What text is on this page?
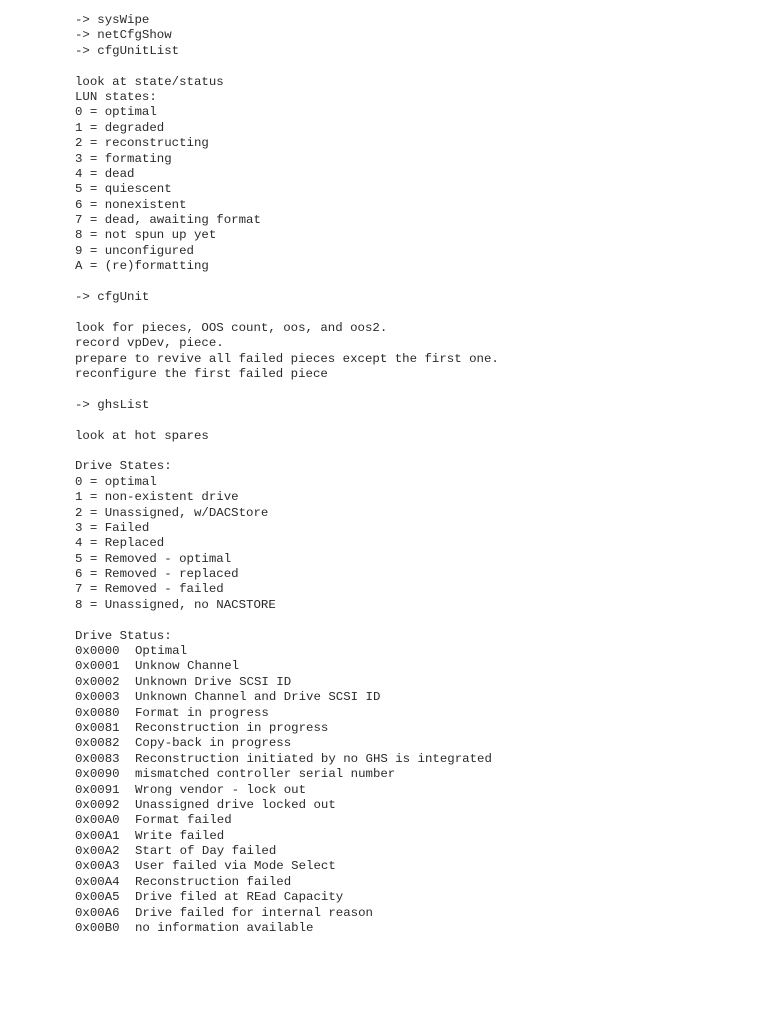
-> sysWipe
-> netCfgShow
-> cfgUnitList
look at state/status
LUN states:
0 = optimal
1 = degraded
2 = reconstructing
3 = formating
4 = dead
5 = quiescent
6 = nonexistent
7 = dead, awaiting format
8 = not spun up yet
9 = unconfigured
A = (re)formatting
-> cfgUnit
look for pieces, OOS count, oos, and oos2.
record vpDev, piece.
prepare to revive all failed pieces except the first one.
reconfigure the first failed piece
-> ghsList
look at hot spares
Drive States:
0 = optimal
1 = non-existent drive
2 = Unassigned, w/DACStore
3 = Failed
4 = Replaced
5 = Removed - optimal
6 = Removed - replaced
7 = Removed - failed
8 = Unassigned, no NACSTORE
Drive Status:
0x0000 Optimal
0x0001 Unknow Channel
0x0002 Unknown Drive SCSI ID
0x0003 Unknown Channel and Drive SCSI ID
0x0080 Format in progress
0x0081 Reconstruction in progress
0x0082 Copy-back in progress
0x0083 Reconstruction initiated by no GHS is integrated
0x0090 mismatched controller serial number
0x0091 Wrong vendor - lock out
0x0092 Unassigned drive locked out
0x00A0 Format failed
0x00A1 Write failed
0x00A2 Start of Day failed
0x00A3 User failed via Mode Select
0x00A4 Reconstruction failed
0x00A5 Drive filed at REad Capacity
0x00A6 Drive failed for internal reason
0x00B0 no information available
